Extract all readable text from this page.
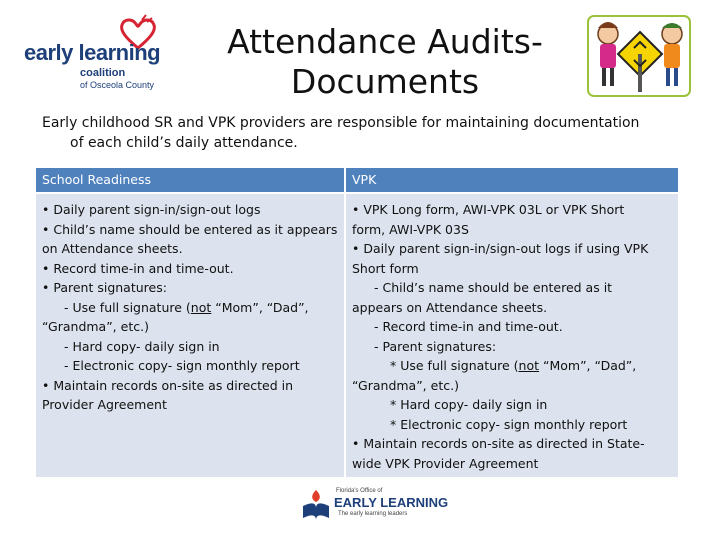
early learning
coalition
of Osceola County
Attendance Audits-
Documents
Early childhood SR and VPK providers are responsible for maintaining documentation
of each child’s daily attendance.
School Readiness	VPK
• Daily parent sign-in/sign-out logs
• Child’s name should be entered as it appears
on Attendance sheets.
• Record time-in and time-out.
• Parent signatures:
- Use full signature (not “Mom”, “Dad”,
“Grandma”, etc.)
- Hard copy- daily sign in
- Electronic copy- sign monthly report
• Maintain records on-site as directed in
Provider Agreement
• VPK Long form, AWI-VPK 03L or VPK Short
form, AWI-VPK 03S
• Daily parent sign-in/sign-out logs if using VPK
Short form
- Child’s name should be entered as it
appears on Attendance sheets.
- Record time-in and time-out.
- Parent signatures:
* Use full signature (not “Mom”, “Dad”,
“Grandma”, etc.)
* Hard copy- daily sign in
* Electronic copy- sign monthly report
• Maintain records on-site as directed in State-
wide VPK Provider Agreement
Florida's Office of
EARLY LEARNING
The early learning leaders
